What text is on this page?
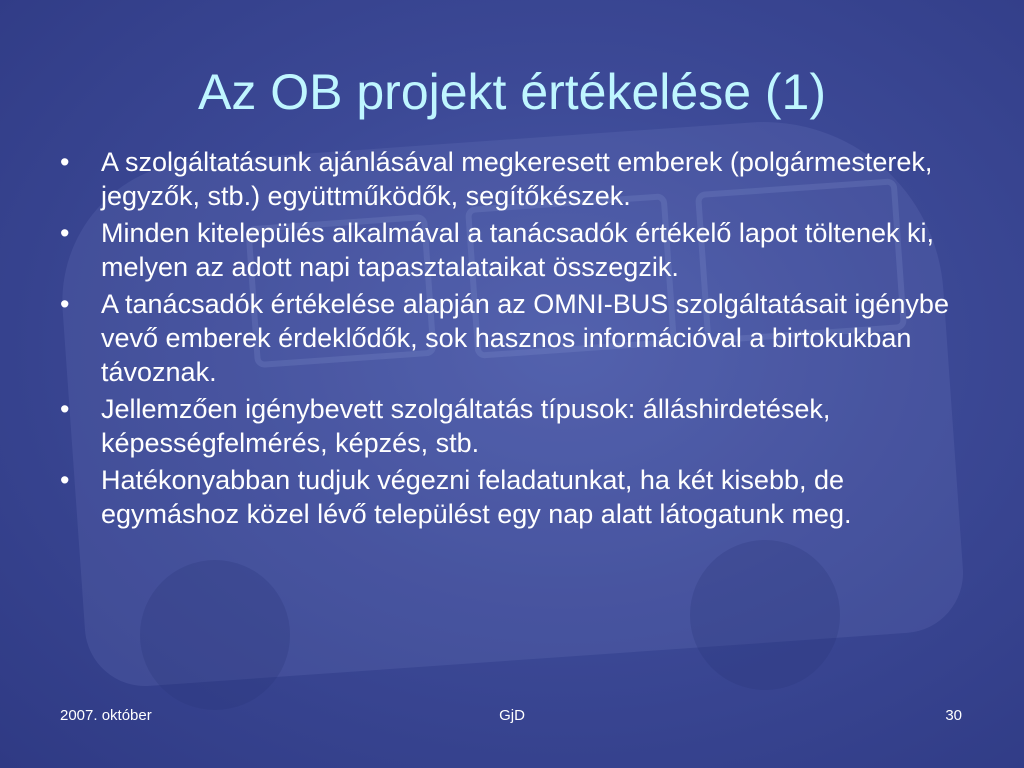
Az OB projekt értékelése (1)
• A szolgáltatásunk ajánlásával megkeresett emberek (polgármesterek, jegyzők, stb.) együttműködők, segítőkészek.
• Minden kitelepülés alkalmával a tanácsadók értékelő lapot töltenek ki, melyen az adott napi tapasztalataikat összegzik.
• A tanácsadók értékelése alapján az OMNI-BUS szolgáltatásait igénybe vevő emberek érdeklődők, sok hasznos információval a birtokukban távoznak.
• Jellemzően igénybevett szolgáltatás típusok: álláshirdetések, képességfelmérés, képzés, stb.
• Hatékonyabban tudjuk végezni feladatunkat, ha két kisebb, de egymáshoz közel lévő települést egy nap alatt látogatunk meg.
2007. október	GjD	30
